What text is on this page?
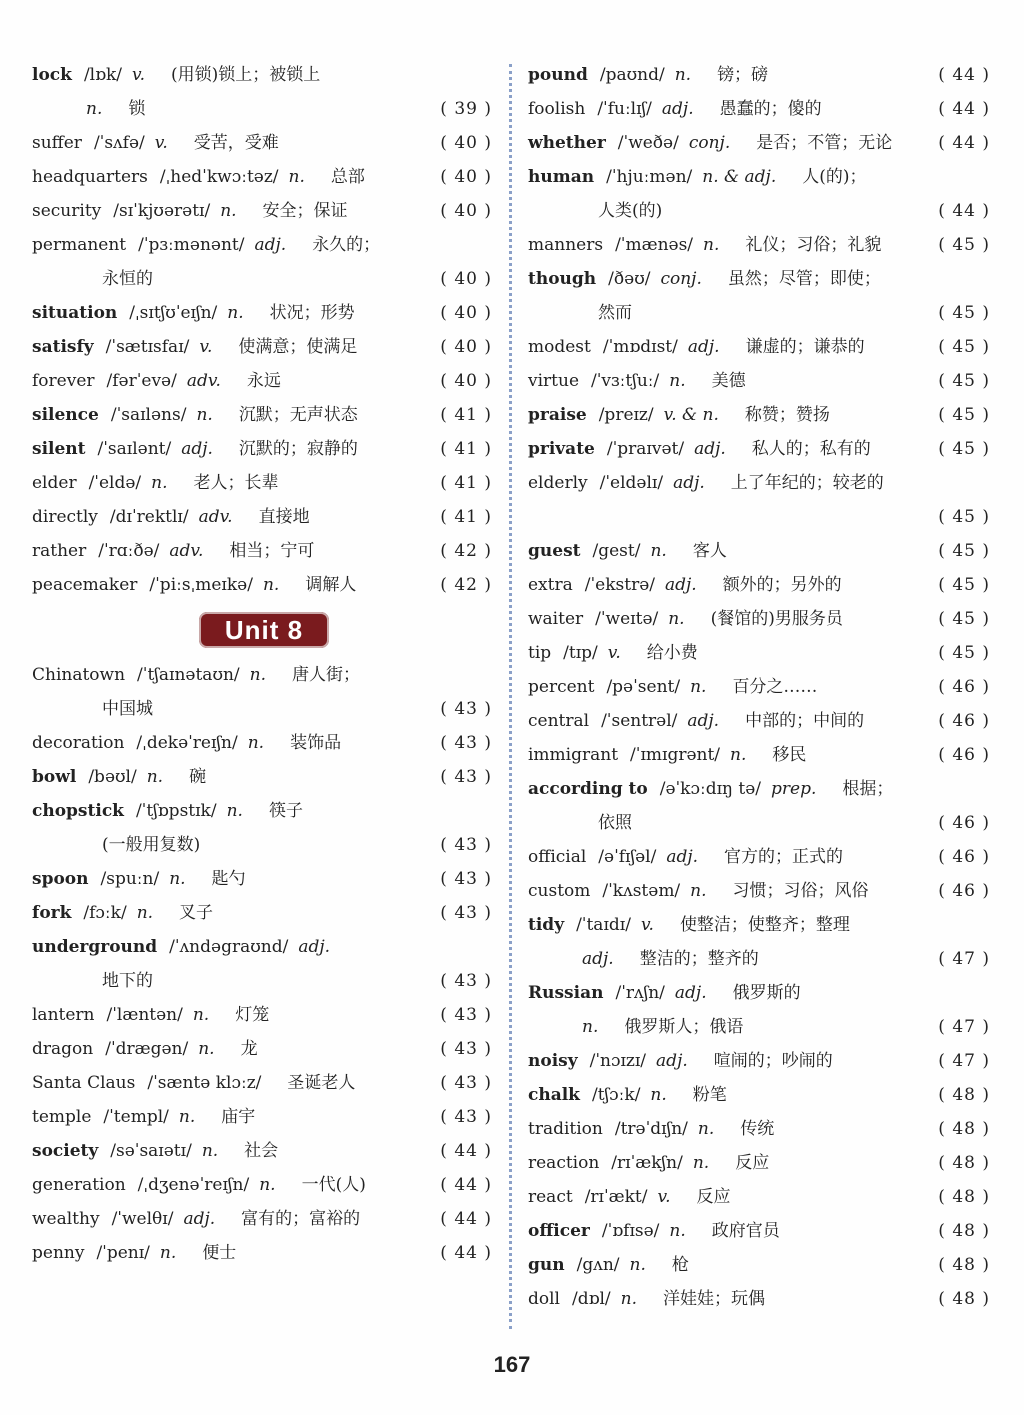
lock /lɒk/ v. (用锁)锁上；被锁上
n. 锁	( 39 )
suffer /ˈsʌfə/ v. 受苦，受难	( 40 )
headquarters /ˌhedˈkwɔːtəz/ n. 总部	( 40 )
security /sɪˈkjʊərətɪ/ n. 安全；保证	( 40 )
permanent /ˈpɜːmənənt/ adj. 永久的；
永恒的	( 40 )
situation /ˌsɪtʃʊˈeɪʃn/ n. 状况；形势	( 40 )
satisfy /ˈsætɪsfaɪ/ v. 使满意；使满足	( 40 )
forever /fərˈevə/ adv. 永远	( 40 )
silence /ˈsaɪləns/ n. 沉默；无声状态	( 41 )
silent /ˈsaɪlənt/ adj. 沉默的；寂静的	( 41 )
elder /ˈeldə/ n. 老人；长辈	( 41 )
directly /dɪˈrektlɪ/ adv. 直接地	( 41 )
rather /ˈrɑːðə/ adv. 相当；宁可	( 42 )
peacemaker /ˈpiːsˌmeɪkə/ n. 调解人	( 42 )
Unit 8
Chinatown /ˈtʃaɪnətaʊn/ n. 唐人街；
中国城	( 43 )
decoration /ˌdekəˈreɪʃn/ n. 装饰品	( 43 )
bowl /bəʊl/ n. 碗	( 43 )
chopstick /ˈtʃɒpstɪk/ n. 筷子
(一般用复数)	( 43 )
spoon /spuːn/ n. 匙勺	( 43 )
fork /fɔːk/ n. 叉子	( 43 )
underground /ˈʌndəgraʊnd/ adj.
地下的	( 43 )
lantern /ˈlæntən/ n. 灯笼	( 43 )
dragon /ˈdrægən/ n. 龙	( 43 )
Santa Claus /ˈsæntə klɔːz/ 圣诞老人	( 43 )
temple /ˈtempl/ n. 庙宇	( 43 )
society /səˈsaɪətɪ/ n. 社会	( 44 )
generation /ˌdʒenəˈreɪʃn/ n. 一代(人)	( 44 )
wealthy /ˈwelθɪ/ adj. 富有的；富裕的	( 44 )
penny /ˈpenɪ/ n. 便士	( 44 )
pound /paʊnd/ n. 镑；磅	( 44 )
foolish /ˈfuːlɪʃ/ adj. 愚蠢的；傻的	( 44 )
whether /ˈweðə/ conj. 是否；不管；无论	( 44 )
human /ˈhjuːmən/ n. & adj. 人(的)；
人类(的)	( 44 )
manners /ˈmænəs/ n. 礼仪；习俗；礼貌	( 45 )
though /ðəʊ/ conj. 虽然；尽管；即使；
然而	( 45 )
modest /ˈmɒdɪst/ adj. 谦虚的；谦恭的	( 45 )
virtue /ˈvɜːtʃuː/ n. 美德	( 45 )
praise /preɪz/ v. & n. 称赞；赞扬	( 45 )
private /ˈpraɪvət/ adj. 私人的；私有的	( 45 )
elderly /ˈeldəlɪ/ adj. 上了年纪的；较老的
( 45 )
guest /gest/ n. 客人	( 45 )
extra /ˈekstrə/ adj. 额外的；另外的	( 45 )
waiter /ˈweɪtə/ n. (餐馆的)男服务员	( 45 )
tip /tɪp/ v. 给小费	( 45 )
percent /pəˈsent/ n. 百分之……	( 46 )
central /ˈsentrəl/ adj. 中部的；中间的	( 46 )
immigrant /ˈɪmɪgrənt/ n. 移民	( 46 )
according to /əˈkɔːdɪŋ tə/ prep. 根据；
依照	( 46 )
official /əˈfɪʃəl/ adj. 官方的；正式的	( 46 )
custom /ˈkʌstəm/ n. 习惯；习俗；风俗	( 46 )
tidy /ˈtaɪdɪ/ v. 使整洁；使整齐；整理
adj. 整洁的；整齐的	( 47 )
Russian /ˈrʌʃn/ adj. 俄罗斯的
n. 俄罗斯人；俄语	( 47 )
noisy /ˈnɔɪzɪ/ adj. 喧闹的；吵闹的	( 47 )
chalk /tʃɔːk/ n. 粉笔	( 48 )
tradition /trəˈdɪʃn/ n. 传统	( 48 )
reaction /rɪˈækʃn/ n. 反应	( 48 )
react /rɪˈækt/ v. 反应	( 48 )
officer /ˈɒfɪsə/ n. 政府官员	( 48 )
gun /gʌn/ n. 枪	( 48 )
doll /dɒl/ n. 洋娃娃；玩偶	( 48 )
167
